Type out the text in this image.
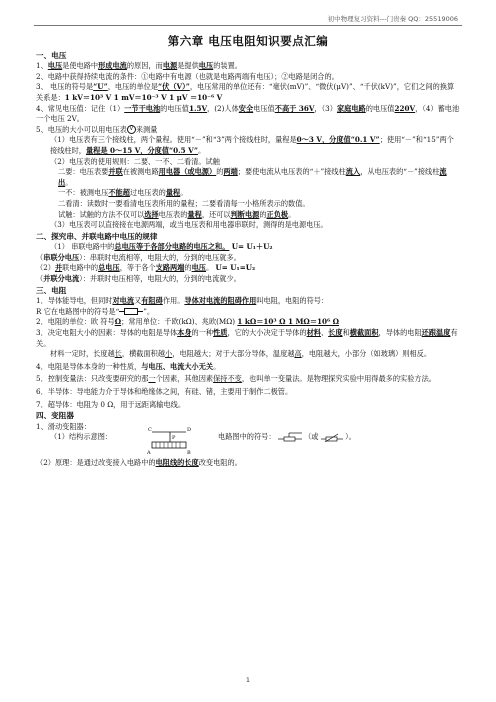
初中物理复习资料---门贵秦 QQ：25519006
第六章 电压电阻知识要点汇编
一、电压

1、电压是使电路中形成电流的原因，而电源是提供电压的装置。

2、电路中获得持续电流的条件：①电路中有电源（也就是电路两端有电压）；②电路是闭合的。

3、 电压的符号是“U”，电压的单位是“伏（V）”，电压常用的单位还有：“毫伏(mV)”、“微伏(μV)”、“千伏(kV)”，它们之间的换算关系是：1 kV＝10³ V 1 mV＝10⁻³ V 1 μV ＝10⁻⁶ V

4、常见电压值：记住（1）一节干电池的电压值1.5V，(2)人体安全电压值不高于 36V，（3）家庭电路的电压值220V，（4）蓄电池一个电压 2V。

5、电压的大小可以用电压表 V 来测量

（1）电压表有三个接线柱，两个量程。使用“－”和“3”两个接线柱时，量程是0～3 V，分度值“0.1 V”；使用“－”和“15”两个接线柱时，量程是 0～15 V，分度值“0.5 V”。

（2）电压表的使用规则：二要、一不、二看清。试触

二要：电压表要并联在被测电路用电器（或电源）的两端；要使电流从电压表的“＋”接线柱流入，从电压表的“－”接线柱流出。

一不：被测电压不能超过电压表的量程。

二看清：读数时一要看清电压表所用的量程；二要看清每一小格所表示的数值。

试触：试触的方法不仅可以选择电压表的量程，还可以判断电源的正负极。

（3）电压表可以直接接在电源两端，或当电压表和用电器串联时，测得的是电源电压。

二、探究串、并联电路中电压的规律

（1） 串联电路中的总电压等于各部分电路的电压之和。 U= U₁＋U₂

（串联分电压）：串联时电流相等，电阻大的，分到的电压就多。

（2）并联电路中的总电压，等于各个支路两端的电压。 U= U₁=U₂

（并联分电流）：并联时电压相等，电阻大的，分到的电流就少。

三、电阻

1．导体能导电，但同时对电流又有阻碍作用。导体对电流的阻碍作用叫电阻，电阻的符号：

R 它在电路图中的符号是“	”。

2．电阻的单位：欧 符号Ω；常用单位：千欧(kΩ)、兆欧(MΩ) 1 kΩ＝10³ Ω 1 MΩ＝10⁶ Ω

3．决定电阻大小的因素：导体的电阻是导体本身的一种性质，它的大小决定于导体的材料、长度和横截面积，导体的电阻还跟温度有关。

材料一定时，长度越长，横截面积越小，电阻越大；对于大部分导体，温度越高，电阻越大，小部分（如玻璃）则相反。

4．电阻是导体本身的一种性质，与电压、电流大小无关。

5．控制变量法：只改变要研究的那一个因素，其他因素保持不变，也叫单一变量法。是物理探究实验中用得最多的实验方法。

6．半导体：导电能力介于导体和绝缘体之间，有硅、锗，主要用于制作二极管。

7．超导体：电阻为 0 Ω，用于远距离输电线。

四、变阻器

1、滑动变阻器：

（1）结构示意图：
C	D
A	B
P	电路图中的符号：	（或	）。

（2）原理：是通过改变接入电路中的电阻线的长度改变电阻的。

1
